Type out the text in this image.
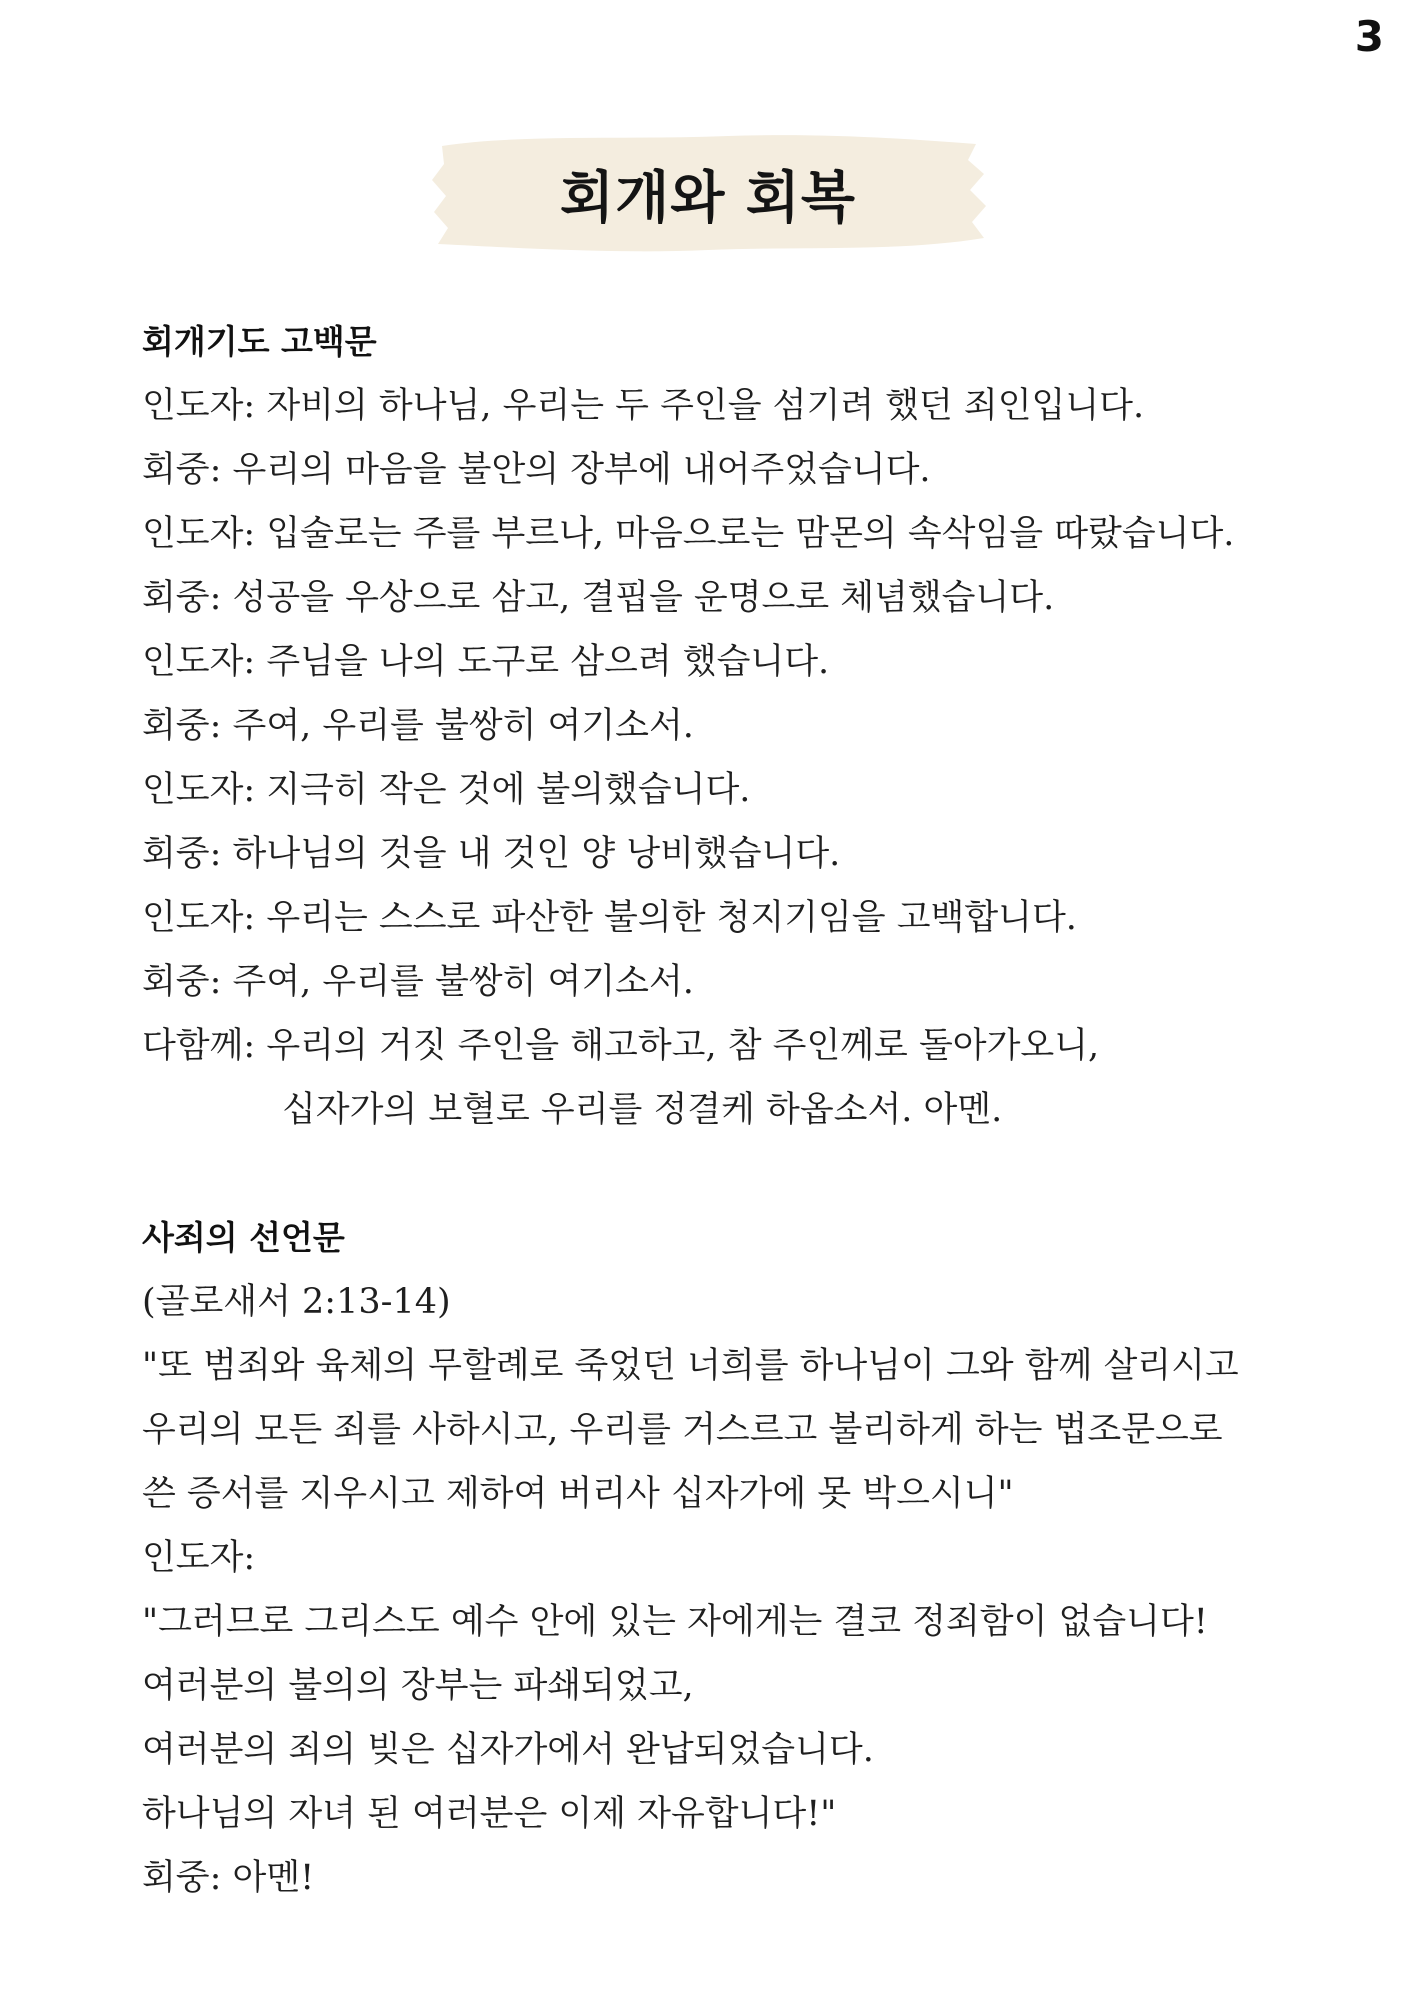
3
회개와 회복
회개기도 고백문
인도자: 자비의 하나님, 우리는 두 주인을 섬기려 했던 죄인입니다.
회중: 우리의 마음을 불안의 장부에 내어주었습니다.
인도자: 입술로는 주를 부르나, 마음으로는 맘몬의 속삭임을 따랐습니다.
회중: 성공을 우상으로 삼고, 결핍을 운명으로 체념했습니다.
인도자: 주님을 나의 도구로 삼으려 했습니다.
회중: 주여, 우리를 불쌍히 여기소서.
인도자: 지극히 작은 것에 불의했습니다.
회중: 하나님의 것을 내 것인 양 낭비했습니다.
인도자: 우리는 스스로 파산한 불의한 청지기임을 고백합니다.
회중: 주여, 우리를 불쌍히 여기소서.
다함께: 우리의 거짓 주인을 해고하고, 참 주인께로 돌아가오니,
십자가의 보혈로 우리를 정결케 하옵소서. 아멘.
사죄의 선언문
(골로새서 2:13-14)
"또 범죄와 육체의 무할례로 죽었던 너희를 하나님이 그와 함께 살리시고
우리의 모든 죄를 사하시고, 우리를 거스르고 불리하게 하는 법조문으로
쓴 증서를 지우시고 제하여 버리사 십자가에 못 박으시니"
인도자:
"그러므로 그리스도 예수 안에 있는 자에게는 결코 정죄함이 없습니다!
여러분의 불의의 장부는 파쇄되었고,
여러분의 죄의 빚은 십자가에서 완납되었습니다.
하나님의 자녀 된 여러분은 이제 자유합니다!"
회중: 아멘!
